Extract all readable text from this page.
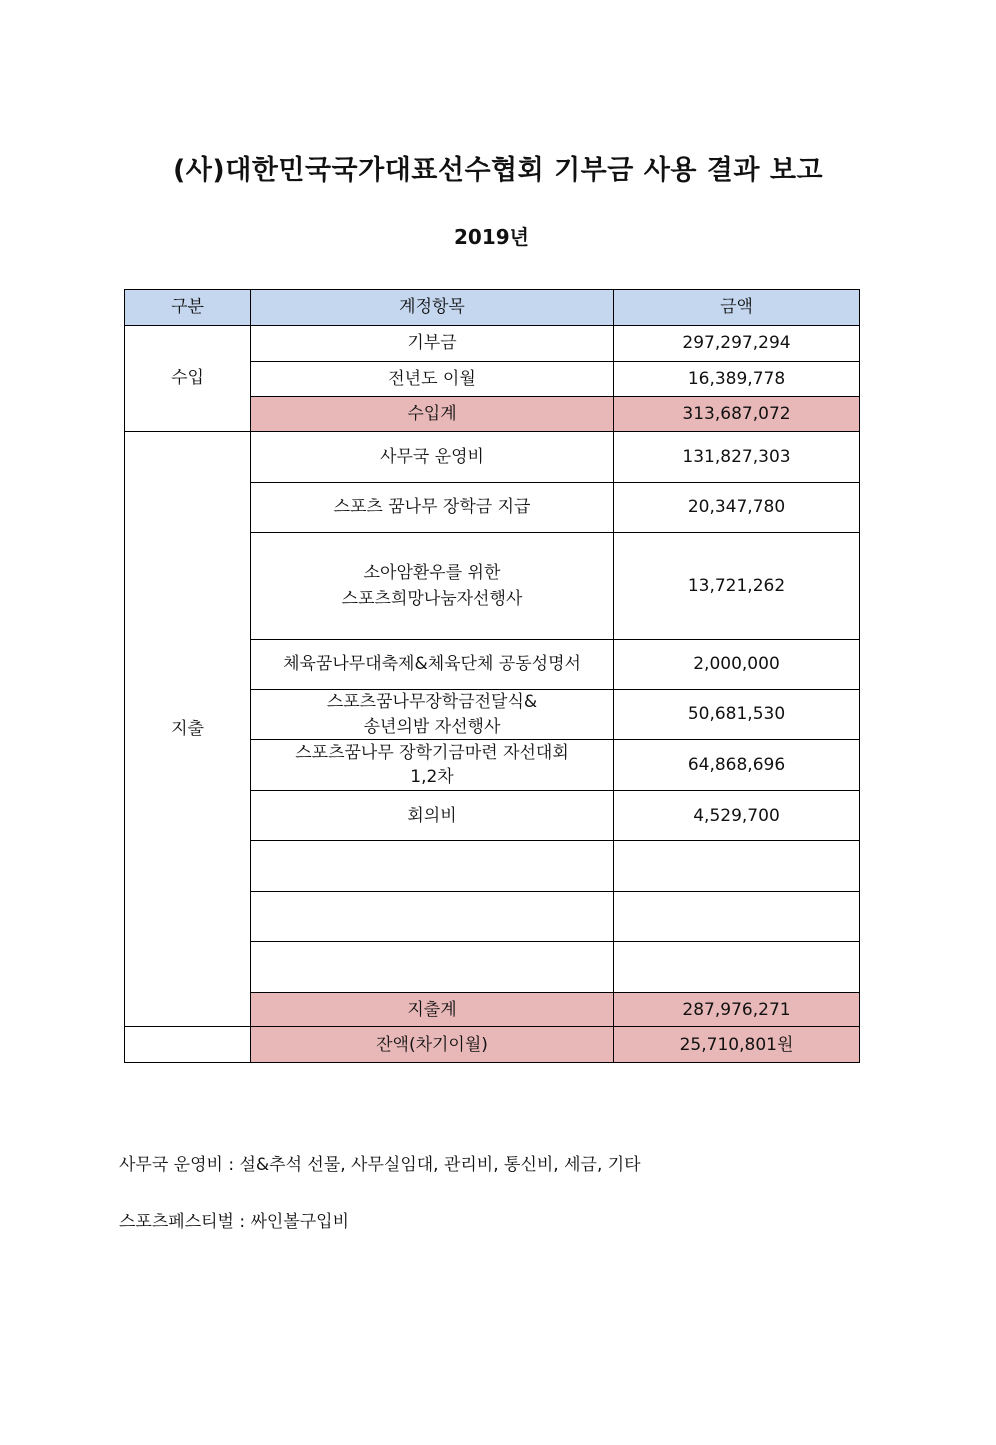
(사)대한민국국가대표선수협회 기부금 사용 결과 보고
2019년
구분	계정항목	금액
수입	기부금	297,297,294
	전년도 이월	16,389,778
	수입계	313,687,072
지출	사무국 운영비	131,827,303
	스포츠 꿈나무 장학금 지급	20,347,780
	소아암환우를 위한
스포츠희망나눔자선행사	13,721,262
	체육꿈나무대축제&체육단체 공동성명서	2,000,000
	스포츠꿈나무장학금전달식&
송년의밤 자선행사	50,681,530
	스포츠꿈나무 장학기금마련 자선대회
1,2차	64,868,696
	회의비	4,529,700

	지출계	287,976,271
	잔액(차기이월)	25,710,801원
사무국 운영비 : 설&추석 선물, 사무실임대, 관리비, 통신비, 세금, 기타
스포츠페스티벌 : 싸인볼구입비
